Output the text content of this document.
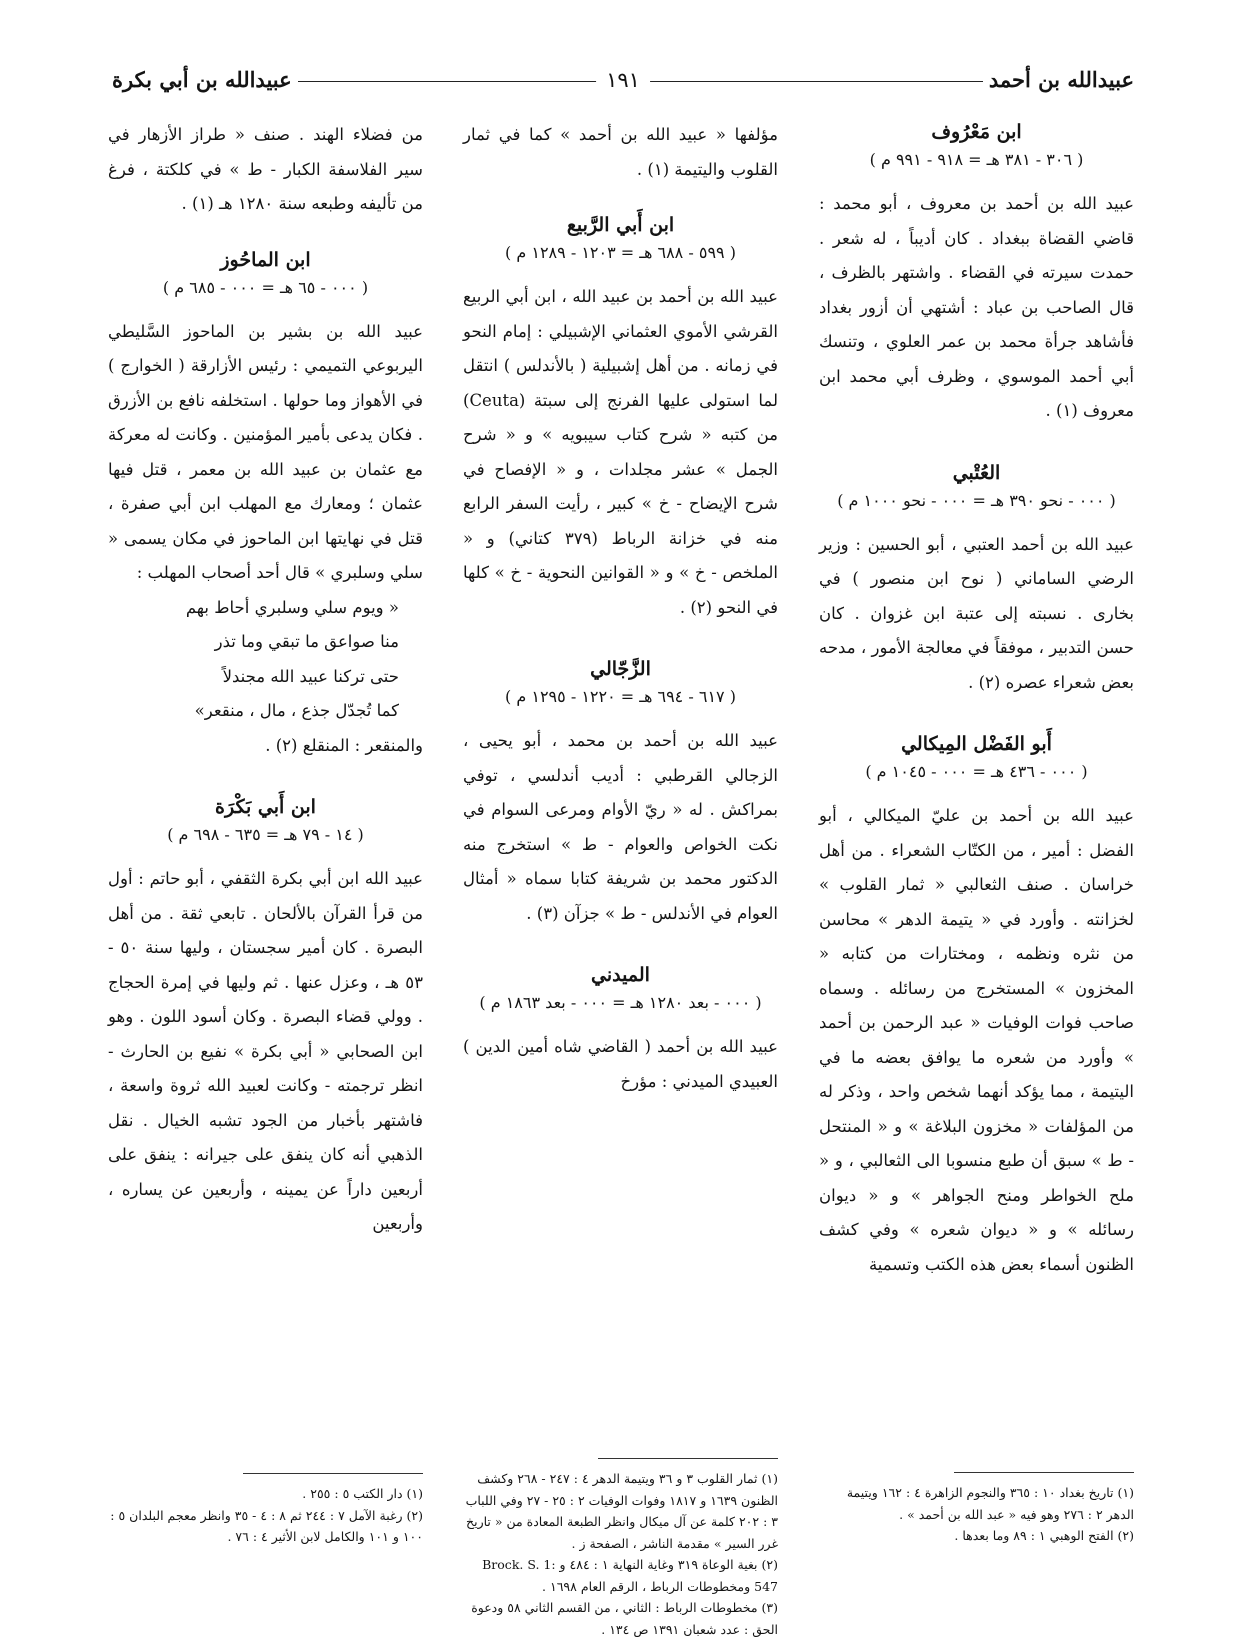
عبيدالله بن أحمد
١٩١
عبيدالله بن أبي بكرة

ابن مَعْرُوف

( ٣٠٦ - ٣٨١ هـ = ٩١٨ - ٩٩١ م )

عبيد الله بن أحمد بن معروف ، أبو محمد : قاضي القضاة ببغداد . كان أديباً ، له شعر . حمدت سيرته في القضاء . واشتهر بالظرف ، قال الصاحب بن عباد : أشتهي أن أزور بغداد فأشاهد جرأة محمد بن عمر العلوي ، وتنسك أبي أحمد الموسوي ، وظرف أبي محمد ابن معروف (١) .

العُتْبي

( ٠٠٠ - نحو ٣٩٠ هـ = ٠٠٠ - نحو ١٠٠٠ م )

عبيد الله بن أحمد العتبي ، أبو الحسين : وزير الرضي الساماني ( نوح ابن منصور ) في بخارى . نسبته إلى عتبة ابن غزوان . كان حسن التدبير ، موفقاً في معالجة الأمور ، مدحه بعض شعراء عصره (٢) .

أَبو الفَضْل المِيكالي

( ٠٠٠ - ٤٣٦ هـ = ٠٠٠ - ١٠٤٥ م )

عبيد الله بن أحمد بن عليّ الميكالي ، أبو الفضل : أمير ، من الكتّاب الشعراء . من أهل خراسان . صنف الثعالبي « ثمار القلوب » لخزانته . وأورد في « يتيمة الدهر » محاسن من نثره ونظمه ، ومختارات من كتابه « المخزون » المستخرج من رسائله . وسماه صاحب فوات الوفيات « عبد الرحمن بن أحمد » وأورد من شعره ما يوافق بعضه ما في اليتيمة ، مما يؤكد أنهما شخص واحد ، وذكر له من المؤلفات « مخزون البلاغة » و « المنتحل - ط » سبق أن طبع منسوبا الى الثعالبي ، و « ملح الخواطر ومنح الجواهر » و « ديوان رسائله » و « ديوان شعره » وفي كشف الظنون أسماء بعض هذه الكتب وتسمية

مؤلفها « عبيد الله بن أحمد » كما في ثمار القلوب واليتيمة (١) .

ابن أَبي الرَّبيع

( ٥٩٩ - ٦٨٨ هـ = ١٢٠٣ - ١٢٨٩ م )

عبيد الله بن أحمد بن عبيد الله ، ابن أبي الربيع القرشي الأموي العثماني الإشبيلي : إمام النحو في زمانه . من أهل إشبيلية ( بالأندلس ) انتقل لما استولى عليها الفرنج إلى سبتة (Ceuta) من كتبه « شرح كتاب سيبويه » و « شرح الجمل » عشر مجلدات ، و « الإفصاح في شرح الإيضاح - خ » كبير ، رأيت السفر الرابع منه في خزانة الرباط (٣٧٩ كتاني) و « الملخص - خ » و « القوانين النحوية - خ » كلها في النحو (٢) .

الزَّجّالي

( ٦١٧ - ٦٩٤ هـ = ١٢٢٠ - ١٢٩٥ م )

عبيد الله بن أحمد بن محمد ، أبو يحيى ، الزجالي القرطبي : أديب أندلسي ، توفي بمراكش . له « ريّ الأوام ومرعى السوام في نكت الخواص والعوام - ط » استخرج منه الدكتور محمد بن شريفة كتابا سماه « أمثال العوام في الأندلس - ط » جزآن (٣) .

الميدني

( ٠٠٠ - بعد ١٢٨٠ هـ = ٠٠٠ - بعد ١٨٦٣ م )

عبيد الله بن أحمد ( القاضي شاه أمين الدين ) العبيدي الميدني : مؤرخ

من فضلاء الهند . صنف « طراز الأزهار في سير الفلاسفة الكبار - ط » في كلكتة ، فرغ من تأليفه وطبعه سنة ١٢٨٠ هـ (١) .

ابن الماحُوز

( ٠٠٠ - ٦٥ هـ = ٠٠٠ - ٦٨٥ م )

عبيد الله بن بشير بن الماحوز السَّليطي اليربوعي التميمي : رئيس الأزارقة ( الخوارج ) في الأهواز وما حولها . استخلفه نافع بن الأزرق . فكان يدعى بأمير المؤمنين . وكانت له معركة مع عثمان بن عبيد الله بن معمر ، قتل فيها عثمان ؛ ومعارك مع المهلب ابن أبي صفرة ، قتل في نهايتها ابن الماحوز في مكان يسمى « سلي وسلبري » قال أحد أصحاب المهلب :

« ويوم سلي وسلبري أحاط بهم

منا صواعق ما تبقي وما تذر

حتى تركنا عبيد الله مجندلاً

كما تُجدّل جذع ، مال ، منقعر»

والمنقعر : المنقلع (٢) .

ابن أَبي بَكْرَة

( ١٤ - ٧٩ هـ = ٦٣٥ - ٦٩٨ م )

عبيد الله ابن أبي بكرة الثقفي ، أبو حاتم : أول من قرأ القرآن بالألحان . تابعي ثقة . من أهل البصرة . كان أمير سجستان ، وليها سنة ٥٠ - ٥٣ هـ ، وعزل عنها . ثم وليها في إمرة الحجاج . وولي قضاء البصرة . وكان أسود اللون . وهو ابن الصحابي « أبي بكرة » نفيع بن الحارث - انظر ترجمته - وكانت لعبيد الله ثروة واسعة ، فاشتهر بأخبار من الجود تشبه الخيال . نقل الذهبي أنه كان ينفق على جيرانه : ينفق على أربعين داراً عن يمينه ، وأربعين عن يساره ، وأربعين

(١) تاريخ بغداد ١٠ : ٣٦٥ والنجوم الزاهرة ٤ : ١٦٢ ويتيمة الدهر ٢ : ٢٧٦ وهو فيه « عبد الله بن أحمد » .
(٢) الفتح الوهبي ١ : ٨٩ وما بعدها .
(١) ثمار القلوب ٣ و ٣٦ ويتيمة الدهر ٤ : ٢٤٧ - ٢٦٨ وكشف الظنون ١٦٣٩ و ١٨١٧ وفوات الوفيات ٢ : ٢٥ - ٢٧ وفي اللباب ٣ : ٢٠٢ كلمة عن آل ميكال وانظر الطبعة المعادة من « تاريخ غرر السير » مقدمة الناشر ، الصفحة ز .
(٢) بغية الوعاة ٣١٩ وغاية النهاية ١ : ٤٨٤ و Brock. S. 1: 547 ومخطوطات الرباط ، الرقم العام ١٦٩٨ .
(٣) مخطوطات الرباط : الثاني ، من القسم الثاني ٥٨ ودعوة الحق : عدد شعبان ١٣٩١ ص ١٣٤ .
(١) دار الكتب ٥ : ٢٥٥ .
(٢) رغبة الآمل ٧ : ٢٤٤ ثم ٨ : ٤ - ٣٥ وانظر معجم البلدان ٥ : ١٠٠ و ١٠١ والكامل لابن الأثير ٤ : ٧٦ .
